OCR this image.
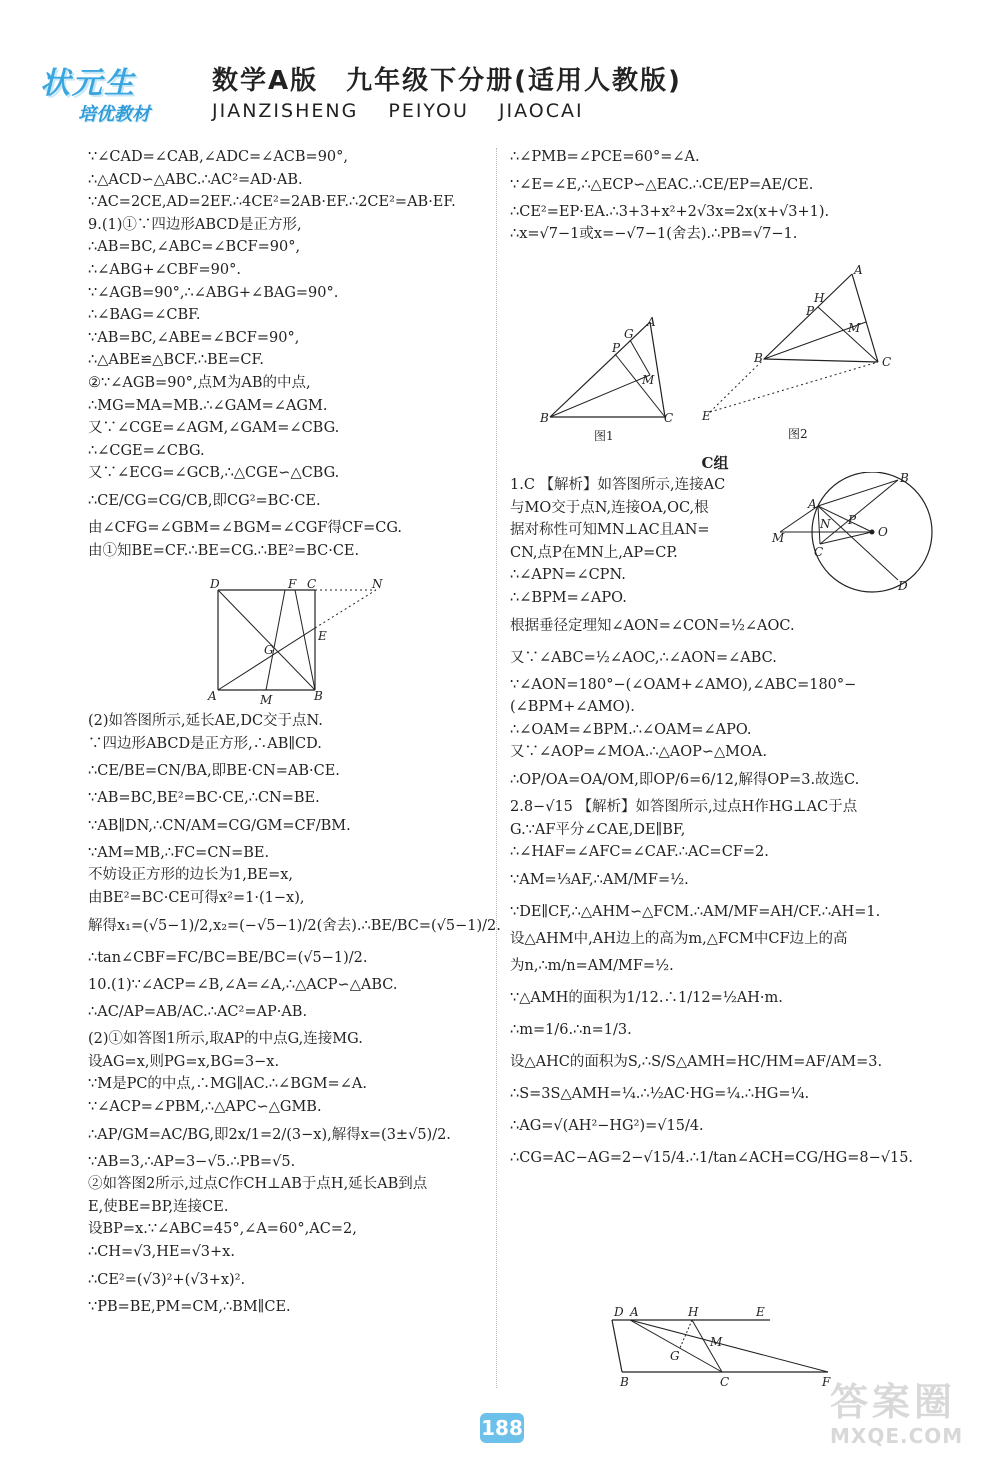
状元生
培优教材
数学A版　九年级下分册(适用人教版)
JIANZISHENG PEIYOU JIAOCAI
∵∠CAD=∠CAB,∠ADC=∠ACB=90°,
∴△ACD∽△ABC.∴AC²=AD·AB.
∵AC=2CE,AD=2EF.∴4CE²=2AB·EF.∴2CE²=AB·EF.
9.(1)①∵四边形ABCD是正方形,
∴AB=BC,∠ABC=∠BCF=90°,
∴∠ABG+∠CBF=90°.
∵∠AGB=90°,∴∠ABG+∠BAG=90°.
∴∠BAG=∠CBF.
∵AB=BC,∠ABE=∠BCF=90°,
∴△ABE≌△BCF.∴BE=CF.
②∵∠AGB=90°,点M为AB的中点,
∴MG=MA=MB.∴∠GAM=∠AGM.
又∵∠CGE=∠AGM,∠GAM=∠CBG.
∴∠CGE=∠CBG.
又∵∠ECG=∠GCB,∴△CGE∽△CBG.
∴CE/CG=CG/CB,即CG²=BC·CE.
由∠CFG=∠GBM=∠BGM=∠CGF得CF=CG.
由①知BE=CF.∴BE=CG.∴BE²=BC·CE.
D	F C	N
E
G
A	M	B
(2)如答图所示,延长AE,DC交于点N.
∵四边形ABCD是正方形,∴AB∥CD.
∴CE/BE=CN/BA,即BE·CN=AB·CE.
∵AB=BC,BE²=BC·CE,∴CN=BE.
∵AB∥DN,∴CN/AM=CG/GM=CF/BM.
∵AM=MB,∴FC=CN=BE.
不妨设正方形的边长为1,BE=x,
由BE²=BC·CE可得x²=1·(1−x),
解得x₁=(√5−1)/2,x₂=(−√5−1)/2(舍去).∴BE/BC=(√5−1)/2.
∴tan∠CBF=FC/BC=BE/BC=(√5−1)/2.
10.(1)∵∠ACP=∠B,∠A=∠A,∴△ACP∽△ABC.
∴AC/AP=AB/AC.∴AC²=AP·AB.
(2)①如答图1所示,取AP的中点G,连接MG.
设AG=x,则PG=x,BG=3−x.
∵M是PC的中点,∴MG∥AC.∴∠BGM=∠A.
∵∠ACP=∠PBM,∴△APC∽△GMB.
∴AP/GM=AC/BG,即2x/1=2/(3−x),解得x=(3±√5)/2.
∵AB=3,∴AP=3−√5.∴PB=√5.
②如答图2所示,过点C作CH⊥AB于点H,延长AB到点
E,使BE=BP,连接CE.
设BP=x.∵∠ABC=45°,∠A=60°,AC=2,
∴CH=√3,HE=√3+x.
∴CE²=(√3)²+(√3+x)².
∵PB=BE,PM=CM,∴BM∥CE.
∴∠PMB=∠PCE=60°=∠A.
∵∠E=∠E,∴△ECP∽△EAC.∴CE/EP=AE/CE.
∴CE²=EP·EA.∴3+3+x²+2√3x=2x(x+√3+1).
∴x=√7−1或x=−√7−1(舍去).∴PB=√7−1.
G
A
P
M
B	C
图1
A
H
P
M
B	C
E
图2
C组
B
A
N P
O
M
C
D
1.C 【解析】如答图所示,连接AC
与MO交于点N,连接OA,OC,根
据对称性可知MN⊥AC且AN=
CN,点P在MN上,AP=CP.
∴∠APN=∠CPN.
∴∠BPM=∠APO.
根据垂径定理知∠AON=∠CON=½∠AOC.
又∵∠ABC=½∠AOC,∴∠AON=∠ABC.
∵∠AON=180°−(∠OAM+∠AMO),∠ABC=180°−
(∠BPM+∠AMO).
∴∠OAM=∠BPM.∴∠OAM=∠APO.
又∵∠AOP=∠MOA.∴△AOP∽△MOA.
∴OP/OA=OA/OM,即OP/6=6/12,解得OP=3.故选C.
2.8−√15 【解析】如答图所示,过点H作HG⊥AC于点
G.∵AF平分∠CAE,DE∥BF,
∴∠HAF=∠AFC=∠CAF.∴AC=CF=2.
∵AM=⅓AF,∴AM/MF=½.
∵DE∥CF,∴△AHM∽△FCM.∴AM/MF=AH/CF.∴AH=1.
设△AHM中,AH边上的高为m,△FCM中CF边上的高
为n,∴m/n=AM/MF=½.
∵△AMH的面积为1/12.∴1/12=½AH·m.
∴m=1/6.∴n=1/3.
设△AHC的面积为S,∴S/S△AMH=HC/HM=AF/AM=3.
∴S=3S△AMH=¼.∴½AC·HG=¼.∴HG=¼.
∴AG=√(AH²−HG²)=√15/4.
∴CG=AC−AG=2−√15/4.∴1/tan∠ACH=CG/HG=8−√15.
D A	H	E
M
G
B	C	F
188
答案圈
MXQE.COM
